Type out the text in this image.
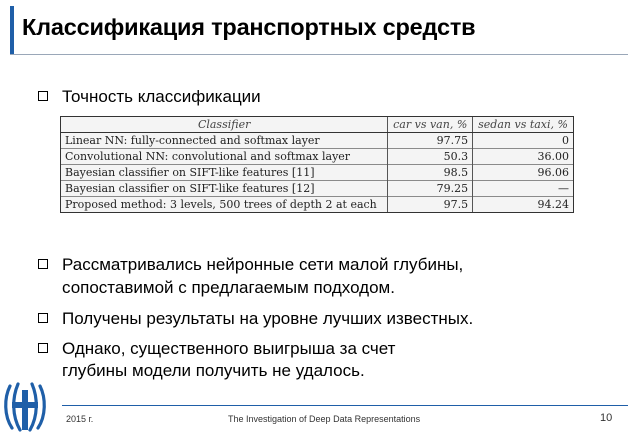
Классификация транспортных средств
Точность классификации
Classifier	car vs van, %	sedan vs taxi, %
Linear NN: fully-connected and softmax layer	97.75	0
Convolutional NN: convolutional and softmax layer	50.3	36.00
Bayesian classifier on SIFT-like features [11]	98.5	96.06
Bayesian classifier on SIFT-like features [12]	79.25	—
Proposed method: 3 levels, 500 trees of depth 2 at each	97.5	94.24
Рассматривались нейронные сети малой глубины,
сопоставимой с предлагаемым подходом.
Получены результаты на уровне лучших известных.
Однако, существенного выигрыша за счет
глубины модели получить не удалось.
2015 г.	The Investigation of Deep Data Representations	10
